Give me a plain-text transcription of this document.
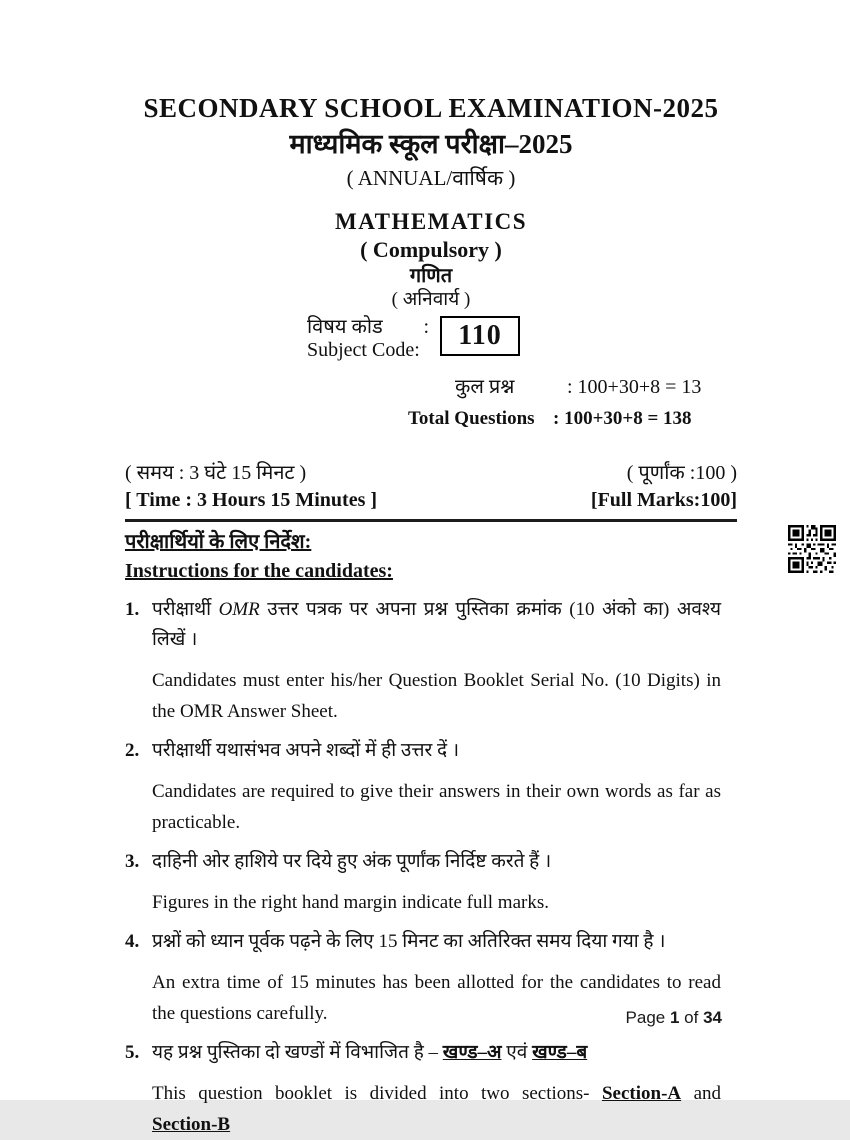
SECONDARY SCHOOL EXAMINATION-2025
माध्यमिक स्कूल परीक्षा–2025
( ANNUAL/वार्षिक )
MATHEMATICS
( Compulsory )
गणित
( अनिवार्य )
विषय कोड :
Subject Code:	110
कुल प्रश्न	: 100+30+8 = 13
Total Questions : 100+30+8 = 138
( समय : 3 घंटे 15 मिनट )
[ Time : 3 Hours 15 Minutes ]
( पूर्णांक :100 )
[Full Marks:100]
परीक्षार्थियों के लिए निर्देश:
Instructions for the candidates:
1. परीक्षार्थी OMR उत्तर पत्रक पर अपना प्रश्न पुस्तिका क्रमांक (10 अंको का) अवश्य लिखें ।

Candidates must enter his/her Question Booklet Serial No. (10 Digits) in the OMR Answer Sheet.

2. परीक्षार्थी यथासंभव अपने शब्दों में ही उत्तर दें ।

Candidates are required to give their answers in their own words as far as practicable.

3. दाहिनी ओर हाशिये पर दिये हुए अंक पूर्णांक निर्दिष्ट करते हैं ।

Figures in the right hand margin indicate full marks.

4. प्रश्नों को ध्यान पूर्वक पढ़ने के लिए 15 मिनट का अतिरिक्त समय दिया गया है ।

An extra time of 15 minutes has been allotted for the candidates to read the questions carefully.

5. यह प्रश्न पुस्तिका दो खण्डों में विभाजित है – खण्ड–अ एवं खण्ड–ब

This question booklet is divided into two sections- Section-A and Section-B

Page 1 of 34
